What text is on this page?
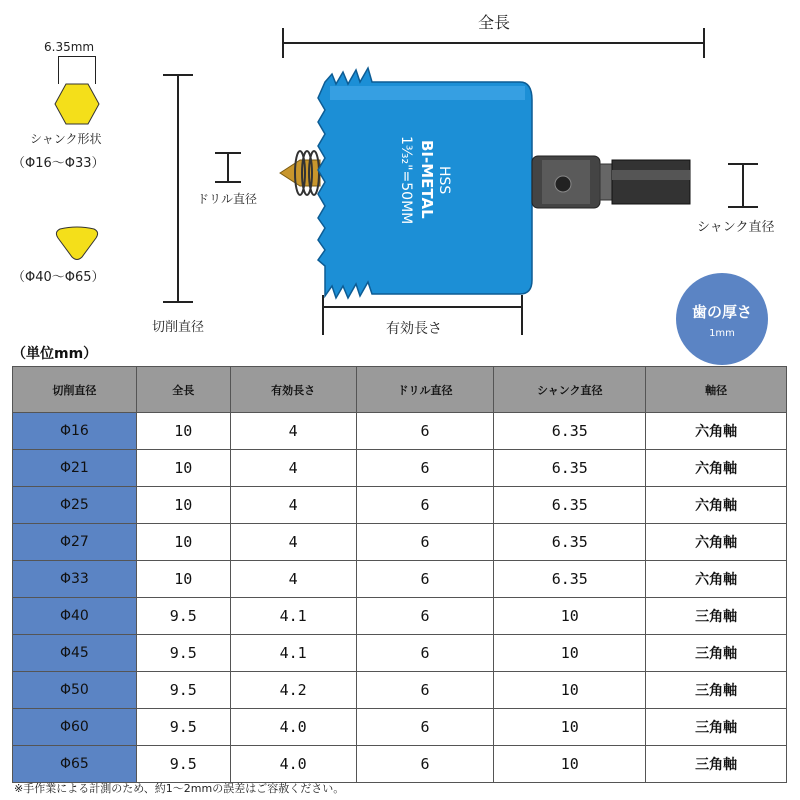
全長
6.35mm
シャンク形状
（Φ16～Φ33）
（Φ40～Φ65）
切削直径
ドリル直径
HSS
BI-METAL
1³⁄₃₂"=50MM
シャンク直径
有効長さ
歯の厚さ
1mm
（単位mm）
切削直径	全長	有効長さ	ドリル直径	シャンク直径	軸径
Φ16	10	4	6	6.35	六角軸
Φ21	10	4	6	6.35	六角軸
Φ25	10	4	6	6.35	六角軸
Φ27	10	4	6	6.35	六角軸
Φ33	10	4	6	6.35	六角軸
Φ40	9.5	4.1	6	10	三角軸
Φ45	9.5	4.1	6	10	三角軸
Φ50	9.5	4.2	6	10	三角軸
Φ60	9.5	4.0	6	10	三角軸
Φ65	9.5	4.0	6	10	三角軸
※手作業による計測のため、約1～2mmの誤差はご容赦ください。
